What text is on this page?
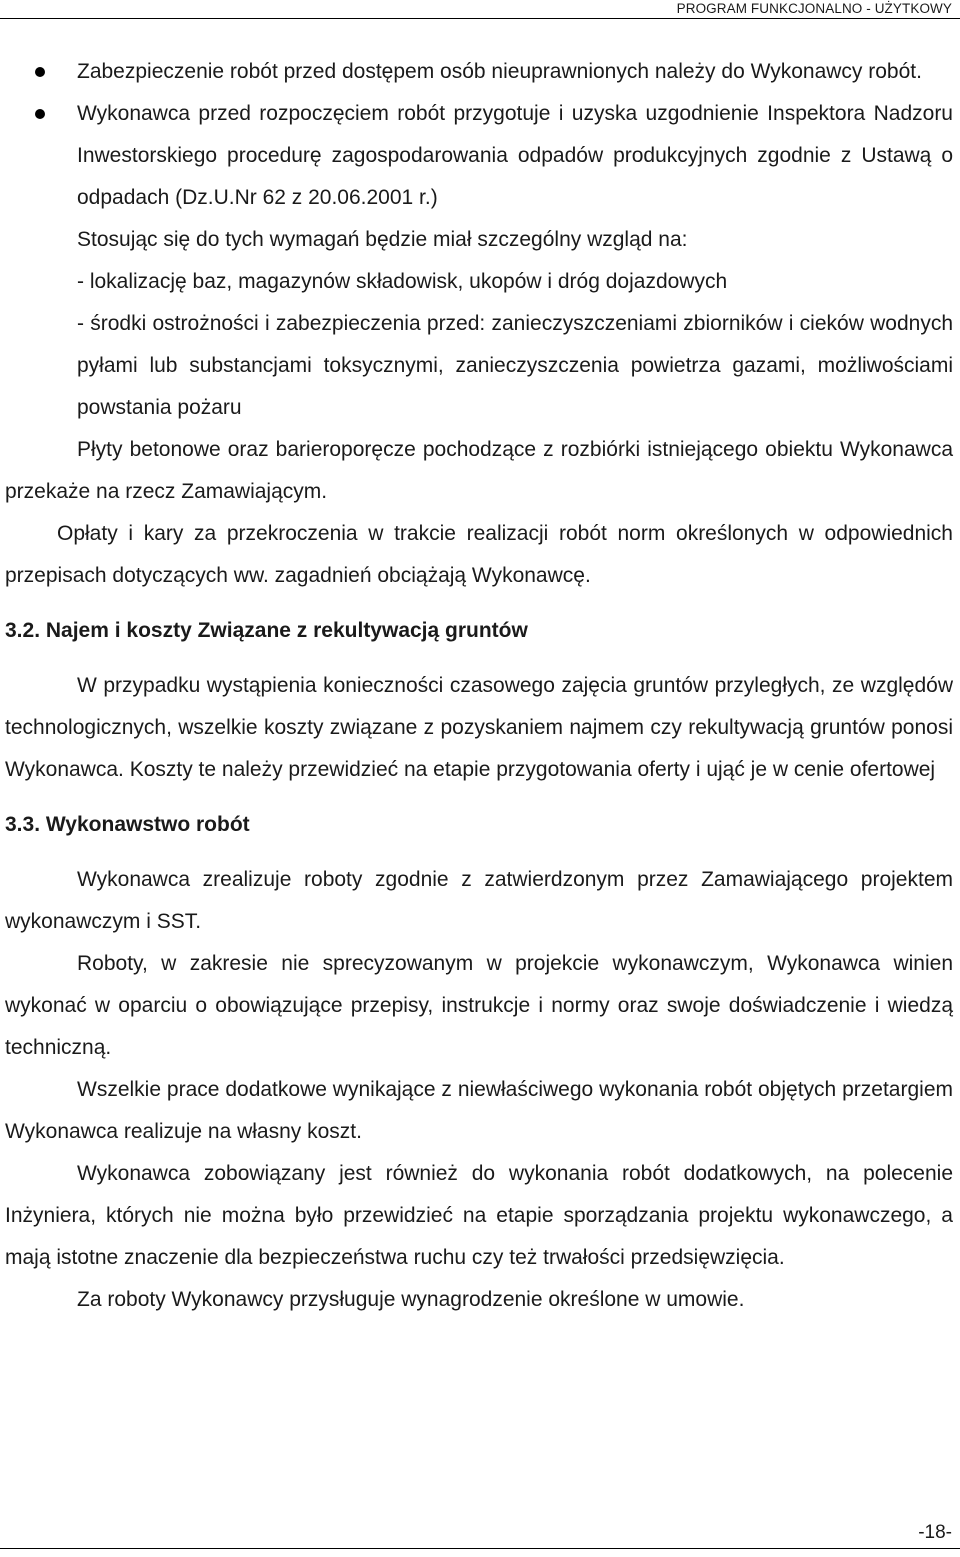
PROGRAM FUNKCJONALNO - UŻYTKOWY

Zabezpieczenie robót przed dostępem osób nieuprawnionych należy do Wykonawcy robót.

Wykonawca przed rozpoczęciem robót przygotuje i uzyska uzgodnienie Inspektora Nadzoru Inwestorskiego procedurę zagospodarowania odpadów produkcyjnych zgodnie z Ustawą o odpadach (Dz.U.Nr 62 z 20.06.2001 r.)

Stosując się do tych wymagań będzie miał szczególny wzgląd na:

- lokalizację baz, magazynów składowisk, ukopów i dróg dojazdowych

- środki ostrożności i zabezpieczenia przed: zanieczyszczeniami zbiorników i cieków wodnych pyłami lub substancjami toksycznymi, zanieczyszczenia powietrza gazami, możliwościami powstania pożaru

Płyty betonowe oraz barieroporęcze pochodzące z rozbiórki istniejącego obiektu Wykonawca przekaże na rzecz Zamawiającym.

Opłaty i kary za przekroczenia w trakcie realizacji robót norm określonych w odpowiednich przepisach dotyczących ww. zagadnień obciążają Wykonawcę.

3.2. Najem i koszty Związane z rekultywacją gruntów

W przypadku wystąpienia konieczności czasowego zajęcia gruntów przyległych, ze względów technologicznych, wszelkie koszty związane z pozyskaniem najmem czy rekultywacją gruntów ponosi Wykonawca. Koszty te należy przewidzieć na etapie przygotowania oferty i ująć je w cenie ofertowej

3.3. Wykonawstwo robót

Wykonawca zrealizuje roboty zgodnie z zatwierdzonym przez Zamawiającego projektem wykonawczym i SST.

Roboty, w zakresie nie sprecyzowanym w projekcie wykonawczym, Wykonawca winien wykonać w oparciu o obowiązujące przepisy, instrukcje i normy oraz swoje doświadczenie i wiedzą techniczną.

Wszelkie prace dodatkowe wynikające z niewłaściwego wykonania robót objętych przetargiem Wykonawca realizuje na własny koszt.

Wykonawca zobowiązany jest również do wykonania robót dodatkowych, na polecenie Inżyniera, których nie można było przewidzieć na etapie sporządzania projektu wykonawczego, a mają istotne znaczenie dla bezpieczeństwa ruchu czy też trwałości przedsięwzięcia.

Za roboty Wykonawcy przysługuje wynagrodzenie określone w umowie.

-18-
